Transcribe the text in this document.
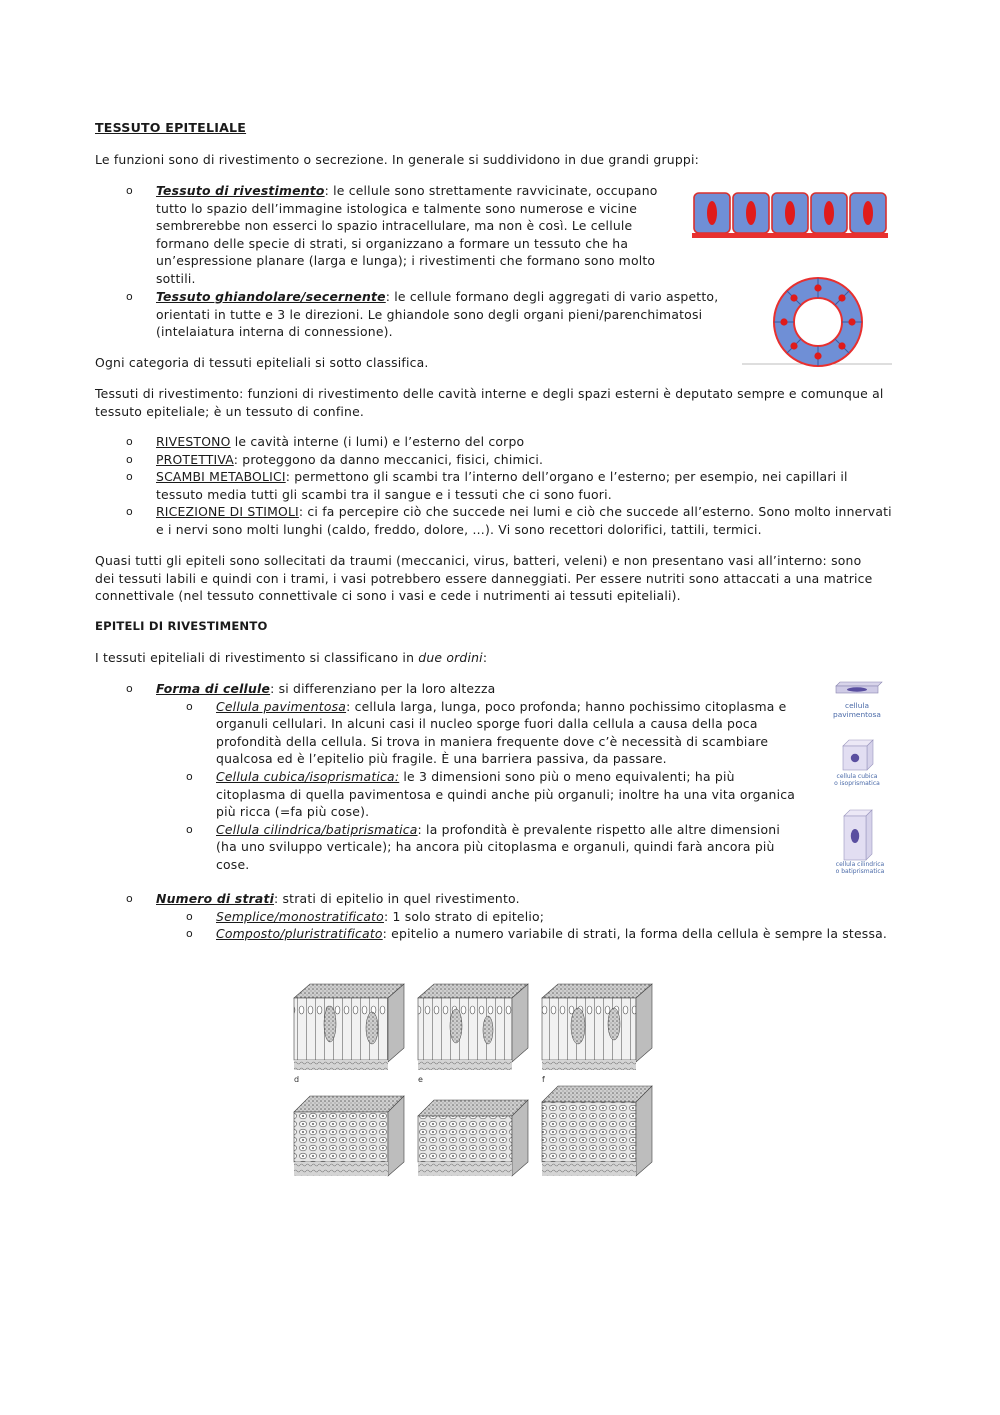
TESSUTO EPITELIALE
Le funzioni sono di rivestimento o secrezione. In generale si suddividono in due grandi gruppi:
o Tessuto di rivestimento: le cellule sono strettamente ravvicinate, occupano
tutto lo spazio dell’immagine istologica e talmente sono numerose e vicine
sembrerebbe non esserci lo spazio intracellulare, ma non è così. Le cellule
formano delle specie di strati, si organizzano a formare un tessuto che ha
un’espressione planare (larga e lunga); i rivestimenti che formano sono molto
sottili.
o Tessuto ghiandolare/secernente: le cellule formano degli aggregati di vario aspetto,
orientati in tutte e 3 le direzioni. Le ghiandole sono degli organi pieni/parenchimatosi
(intelaiatura interna di connessione).
Ogni categoria di tessuti epiteliali si sotto classifica.
Tessuti di rivestimento: funzioni di rivestimento delle cavità interne e degli spazi esterni è deputato sempre e comunque al
tessuto epiteliale; è un tessuto di confine.
o RIVESTONO le cavità interne (i lumi) e l’esterno del corpo
o PROTETTIVA: proteggono da danno meccanici, fisici, chimici.
o SCAMBI METABOLICI: permettono gli scambi tra l’interno dell’organo e l’esterno; per esempio, nei capillari il
tessuto media tutti gli scambi tra il sangue e i tessuti che ci sono fuori.
o RICEZIONE DI STIMOLI: ci fa percepire ciò che succede nei lumi e ciò che succede all’esterno. Sono molto innervati
e i nervi sono molti lunghi (caldo, freddo, dolore, …). Vi sono recettori dolorifici, tattili, termici.
Quasi tutti gli epiteli sono sollecitati da traumi (meccanici, virus, batteri, veleni) e non presentano vasi all’interno: sono
dei tessuti labili e quindi con i trami, i vasi potrebbero essere danneggiati. Per essere nutriti sono attaccati a una matrice
connettivale (nel tessuto connettivale ci sono i vasi e cede i nutrimenti ai tessuti epiteliali).
EPITELI DI RIVESTIMENTO
I tessuti epiteliali di rivestimento si classificano in due ordini:
o Forma di cellule: si differenziano per la loro altezza
o Cellula pavimentosa: cellula larga, lunga, poco profonda; hanno pochissimo citoplasma e
organuli cellulari. In alcuni casi il nucleo sporge fuori dalla cellula a causa della poca
profondità della cellula. Si trova in maniera frequente dove c’è necessità di scambiare
qualcosa ed è l’epitelio più fragile. È una barriera passiva, da passare.
o Cellula cubica/isoprismatica: le 3 dimensioni sono più o meno equivalenti; ha più
citoplasma di quella pavimentosa e quindi anche più organuli; inoltre ha una vita organica
più ricca (=fa più cose).
o Cellula cilindrica/batiprismatica: la profondità è prevalente rispetto alle altre dimensioni
(ha uno sviluppo verticale); ha ancora più citoplasma e organuli, quindi farà ancora più
cose.
cellula
pavimentosa
cellula cubica
o isoprismatica
cellula cilindrica
o batiprismatica
o Numero di strati: strati di epitelio in quel rivestimento.
o Semplice/monostratificato: 1 solo strato di epitelio;
o Composto/pluristratificato: epitelio a numero variabile di strati, la forma della cellula è sempre la stessa.
d	e	f
